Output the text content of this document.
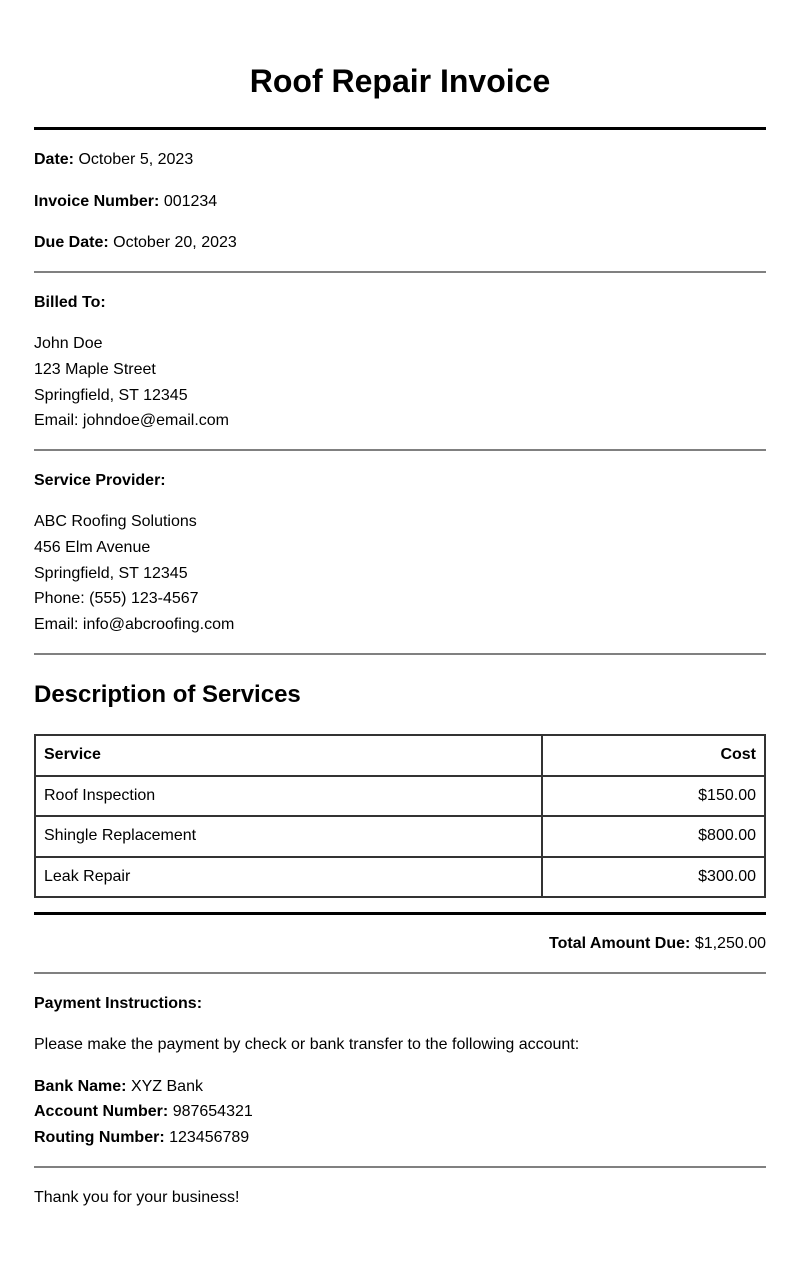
Roof Repair Invoice
Date: October 5, 2023
Invoice Number: 001234
Due Date: October 20, 2023
Billed To:
John Doe
123 Maple Street
Springfield, ST 12345
Email: johndoe@email.com
Service Provider:
ABC Roofing Solutions
456 Elm Avenue
Springfield, ST 12345
Phone: (555) 123-4567
Email: info@abcroofing.com
Description of Services
Service	Cost
Roof Inspection	$150.00
Shingle Replacement	$800.00
Leak Repair	$300.00
Total Amount Due: $1,250.00
Payment Instructions:
Please make the payment by check or bank transfer to the following account:
Bank Name: XYZ Bank
Account Number: 987654321
Routing Number: 123456789
Thank you for your business!
